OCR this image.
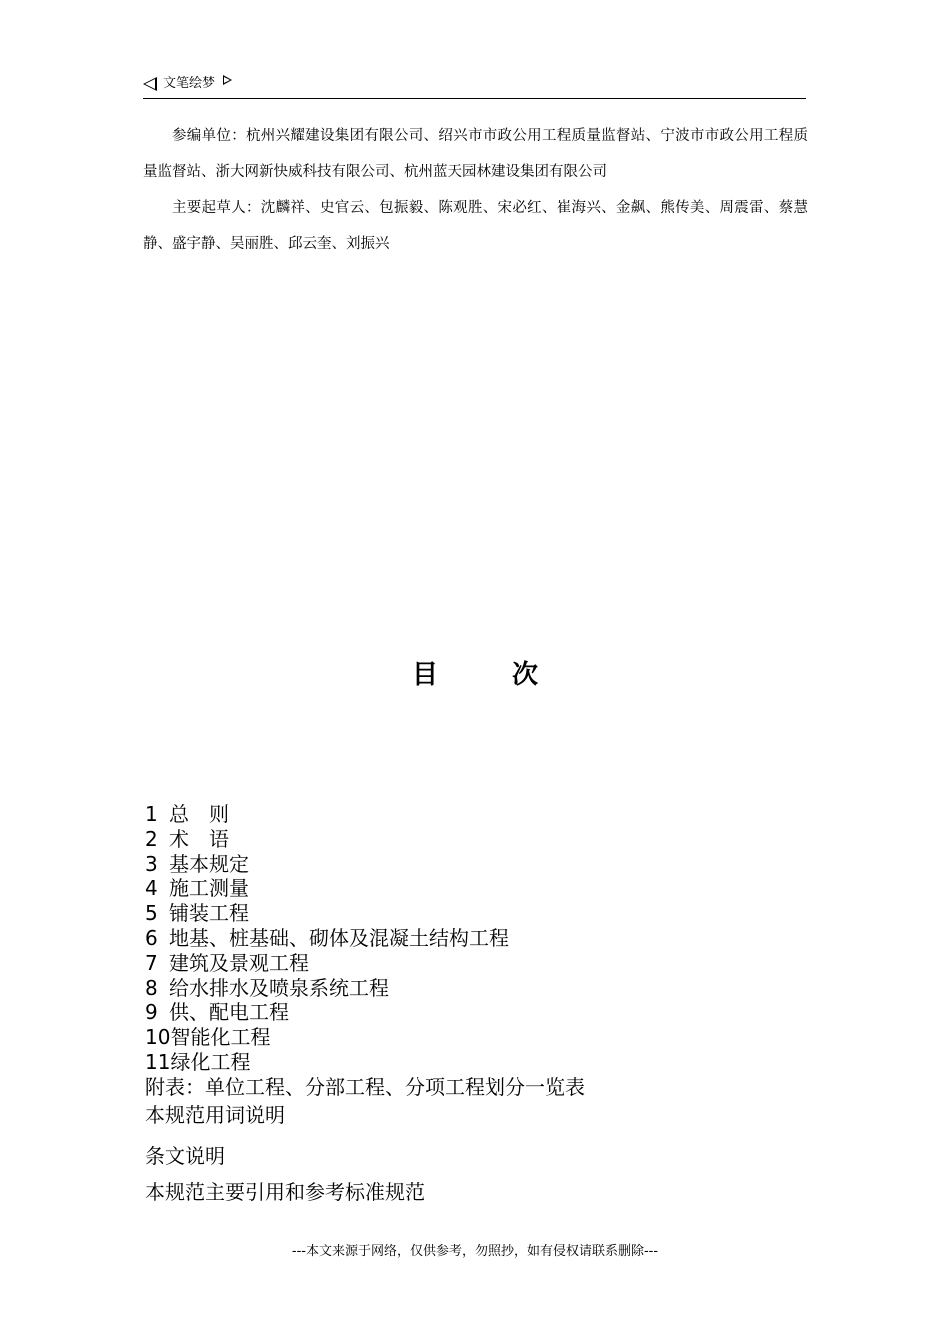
文笔绘梦

参编单位：杭州兴耀建设集团有限公司、绍兴市市政公用工程质量监督站、宁波市市政公用工程质量监督站、浙大网新快威科技有限公司、杭州蓝天园林建设集团有限公司

主要起草人：沈麟祥、史官云、包振毅、陈观胜、宋必红、崔海兴、金飙、熊传美、周震雷、蔡慧静、盛宇静、吴丽胜、邱云奎、刘振兴

目	次
1 总　则
2 术　语
3 基本规定
4 施工测量
5 铺装工程
6 地基、桩基础、砌体及混凝土结构工程
7 建筑及景观工程
8 给水排水及喷泉系统工程
9 供、配电工程
10智能化工程
11绿化工程
附表：单位工程、分部工程、分项工程划分一览表
本规范用词说明
条文说明
本规范主要引用和参考标准规范
---本文来源于网络，仅供参考，勿照抄，如有侵权请联系删除---
